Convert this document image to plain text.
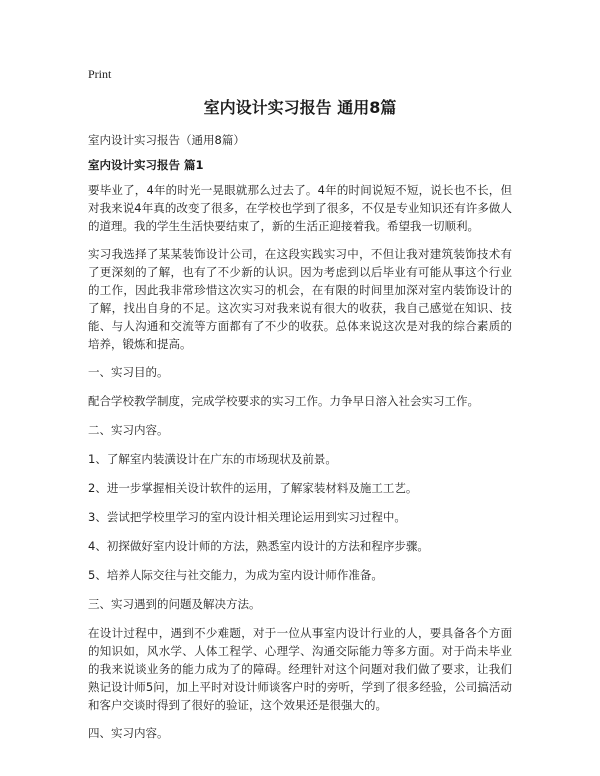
Print
室内设计实习报告 通用8篇
室内设计实习报告（通用8篇）
室内设计实习报告 篇1

要毕业了，4年的时光一晃眼就那么过去了。4年的时间说短不短，说长也不长，但对我来说4年真的改变了很多，在学校也学到了很多，不仅是专业知识还有许多做人的道理。我的学生生活快要结束了，新的生活正迎接着我。希望我一切顺利。

实习我选择了某某装饰设计公司，在这段实践实习中，不但让我对建筑装饰技术有了更深刻的了解，也有了不少新的认识。因为考虑到以后毕业有可能从事这个行业的工作，因此我非常珍惜这次实习的机会，在有限的时间里加深对室内装饰设计的了解，找出自身的不足。这次实习对我来说有很大的收获，我自己感觉在知识、技能、与人沟通和交流等方面都有了不少的收获。总体来说这次是对我的综合素质的培养，锻炼和提高。

一、实习目的。
配合学校教学制度，完成学校要求的实习工作。力争早日溶入社会实习工作。
二、实习内容。
1、了解室内装潢设计在广东的市场现状及前景。
2、进一步掌握相关设计软件的运用，了解家装材料及施工工艺。
3、尝试把学校里学习的室内设计相关理论运用到实习过程中。
4、初探做好室内设计师的方法，熟悉室内设计的方法和程序步骤。
5、培养人际交往与社交能力，为成为室内设计师作准备。
三、实习遇到的问题及解决方法。

在设计过程中，遇到不少难题，对于一位从事室内设计行业的人，要具备各个方面的知识如，风水学、人体工程学、心理学、沟通交际能力等多方面。对于尚未毕业的我来说谈业务的能力成为了的障碍。经理针对这个问题对我们做了要求，让我们熟记设计师5问，加上平时对设计师谈客户时的旁听，学到了很多经验，公司搞活动和客户交谈时得到了很好的验证，这个效果还是很强大的。

四、实习内容。
